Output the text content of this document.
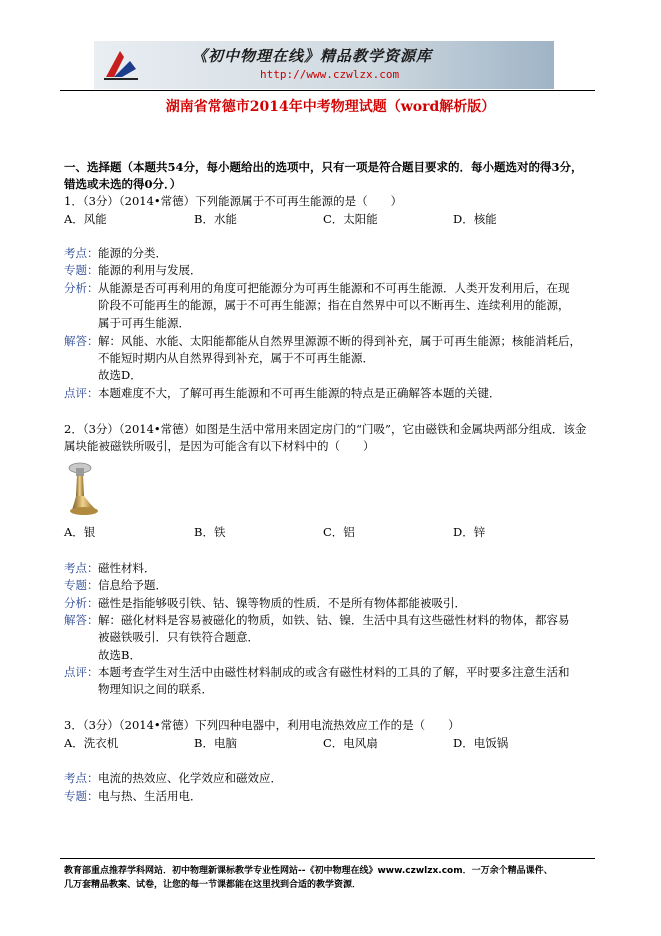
《初中物理在线》精品教学资源库
http://www.czwlzx.com
湖南省常德市2014年中考物理试题（word解析版）
一、选择题（本题共54分，每小题给出的选项中，只有一项是符合题目要求的．每小题选对的得3分，
错选或未选的得0分．）
1．（3分）（2014•常德）下列能源属于不可再生能源的是（　　）
A．风能	B．水能	C．太阳能	D．核能
考点： 能源的分类．
专题： 能源的利用与发展．
分析： 从能源是否可再利用的角度可把能源分为可再生能源和不可再生能源．人类开发利用后，在现
阶段不可能再生的能源，属于不可再生能源；指在自然界中可以不断再生、连续利用的能源，
属于可再生能源．
解答： 解：风能、水能、太阳能都能从自然界里源源不断的得到补充，属于可再生能源；核能消耗后，
不能短时期内从自然界得到补充，属于不可再生能源．
故选D．
点评： 本题难度不大，了解可再生能源和不可再生能源的特点是正确解答本题的关键．
2．（3分）（2014•常德）如图是生活中常用来固定房门的“门吸”，它由磁铁和金属块两部分组成．该金
属块能被磁铁所吸引，是因为可能含有以下材料中的（　　）
A．银	B．铁	C．铝	D．锌
考点： 磁性材料．
专题： 信息给予题．
分析： 磁性是指能够吸引铁、钴、镍等物质的性质．不是所有物体都能被吸引．
解答： 解：磁化材料是容易被磁化的物质，如铁、钴、镍．生活中具有这些磁性材料的物体，都容易
被磁铁吸引．只有铁符合题意．
故选B．
点评： 本题考查学生对生活中由磁性材料制成的或含有磁性材料的工具的了解，平时要多注意生活和
物理知识之间的联系．
3．（3分）（2014•常德）下列四种电器中，利用电流热效应工作的是（　　）
A．洗衣机	B．电脑	C．电风扇	D．电饭锅
考点： 电流的热效应、化学效应和磁效应．
专题： 电与热、生活用电．
教育部重点推荐学科网站．初中物理新课标教学专业性网站--《初中物理在线》www.czwlzx.com．一万余个精品课件、
几万套精品教案、试卷，让您的每一节课都能在这里找到合适的教学资源．
